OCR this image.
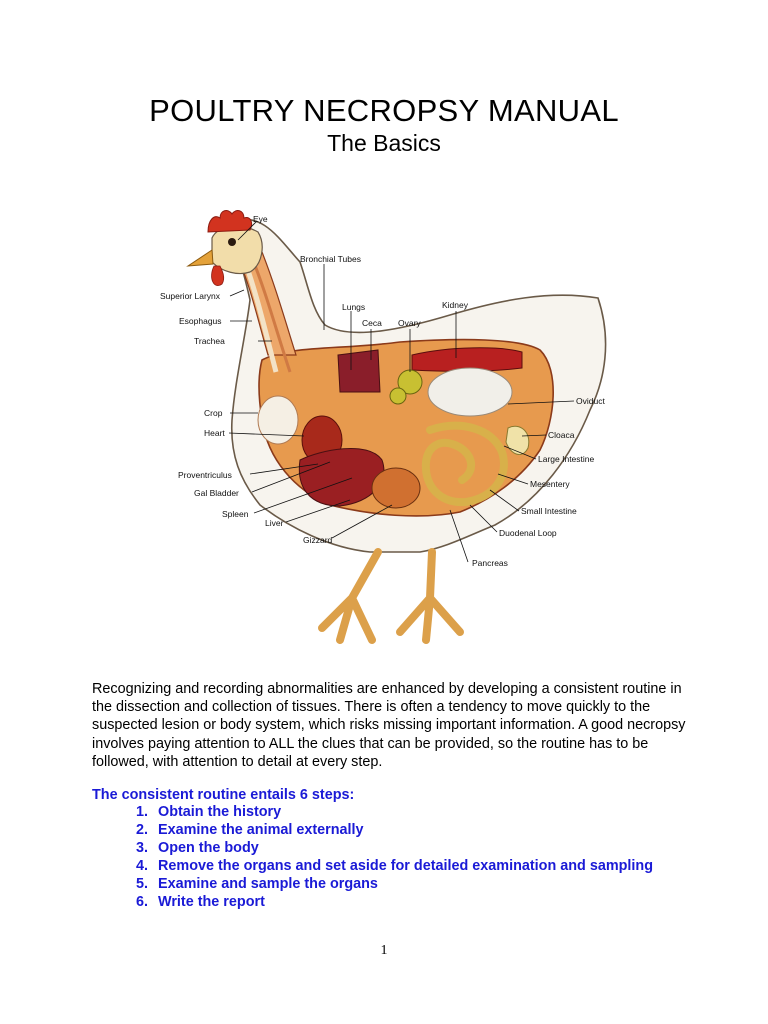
POULTRY NECROPSY MANUAL
The Basics
Eye
Bronchial Tubes
Superior Larynx
Esophagus
Trachea
Lungs
Ceca Ovary
Kidney
Oviduct
Crop
Heart	Cloaca
Large Intestine
Proventriculus
Mesentery
Gal Bladder
Small Intestine
Spleen
Liver
Duodenal Loop
Gizzard
Pancreas

Recognizing and recording abnormalities are enhanced by developing a consistent routine in the dissection and collection of tissues. There is often a tendency to move quickly to the suspected lesion or body system, which risks missing important information. A good necropsy involves paying attention to ALL the clues that can be provided, so the routine has to be followed, with attention to detail at every step.

The consistent routine entails 6 steps:
1. Obtain the history
2. Examine the animal externally
3. Open the body
4. Remove the organs and set aside for detailed examination and sampling
5. Examine and sample the organs
6. Write the report
1
